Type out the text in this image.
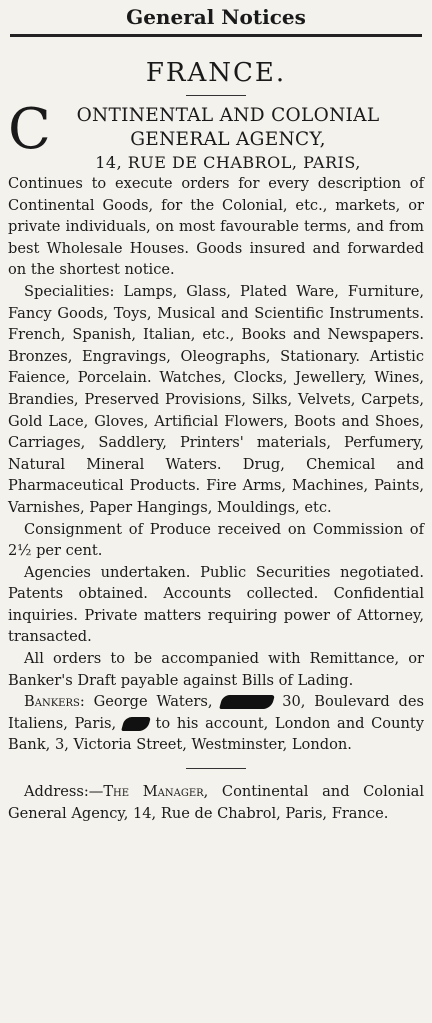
General Notices
FRANCE.
C	ONTINENTAL AND COLONIAL
GENERAL AGENCY,
14, RUE DE CHABROL, PARIS,

Continues to execute orders for every description of Continental Goods, for the Colonial, etc., markets, or private individuals, on most favourable terms, and from best Wholesale Houses. Goods insured and forwarded on the shortest notice.

Specialities: Lamps, Glass, Plated Ware, Furniture, Fancy Goods, Toys, Musical and Scientific Instruments. French, Spanish, Italian, etc., Books and Newspapers. Bronzes, Engravings, Oleographs, Stationary. Artistic Faience, Porcelain. Watches, Clocks, Jewellery, Wines, Brandies, Preserved Provisions, Silks, Velvets, Carpets, Gold Lace, Gloves, Artificial Flowers, Boots and Shoes, Carriages, Saddlery, Printers' materials, Perfumery, Natural Mineral Waters. Drug, Chemical and Pharmaceutical Products. Fire Arms, Machines, Paints, Varnishes, Paper Hangings, Mouldings, etc.

Consignment of Produce received on Commission of 2½ per cent.

Agencies undertaken. Public Securities negotiated. Patents obtained. Accounts collected. Confidential inquiries. Private matters requiring power of Attorney, transacted.

All orders to be accompanied with Remittance, or Banker's Draft payable against Bills of Lading.

Bankers: George Waters,	30, Boulevard des Italiens, Paris,	to his account, London and County Bank, 3, Victoria Street, Westminster, London.

Address:—The Manager, Continental and Colonial General Agency, 14, Rue de Chabrol, Paris, France.
